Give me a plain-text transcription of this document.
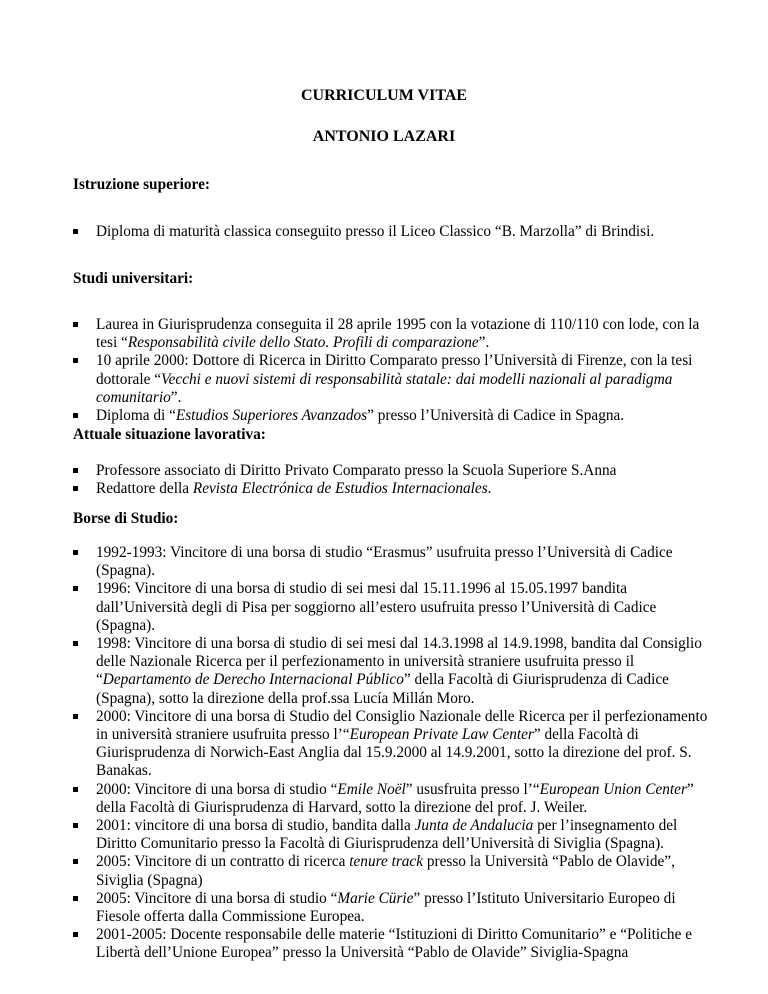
CURRICULUM VITAE
ANTONIO LAZARI
Istruzione superiore:
Diploma di maturità classica conseguito presso il Liceo Classico “B. Marzolla” di Brindisi.
Studi universitari:
Laurea in Giurisprudenza conseguita il 28 aprile 1995 con la votazione di 110/110 con lode, con la tesi “Responsabilità civile dello Stato. Profili di comparazione”.
10 aprile 2000: Dottore di Ricerca in Diritto Comparato presso l’Università di Firenze, con la tesi dottorale “Vecchi e nuovi sistemi di responsabilità statale: dai modelli nazionali al paradigma comunitario”.
Diploma di “Estudios Superiores Avanzados” presso l’Università di Cadice in Spagna.
Attuale situazione lavorativa:
Professore associato di Diritto Privato Comparato presso la Scuola Superiore S.Anna
Redattore della Revista Electrónica de Estudios Internacionales.
Borse di Studio:
1992-1993: Vincitore di una borsa di studio “Erasmus” usufruita presso l’Università di Cadice (Spagna).
1996: Vincitore di una borsa di studio di sei mesi dal 15.11.1996 al 15.05.1997 bandita dall’Università degli di Pisa per soggiorno all’estero usufruita presso l’Università di Cadice (Spagna).
1998: Vincitore di una borsa di studio di sei mesi dal 14.3.1998 al 14.9.1998, bandita dal Consiglio delle Nazionale Ricerca per il perfezionamento in università straniere usufruita presso il “Departamento de Derecho Internacional Público” della Facoltà di Giurisprudenza di Cadice (Spagna), sotto la direzione della prof.ssa Lucía Millán Moro.
2000: Vincitore di una borsa di Studio del Consiglio Nazionale delle Ricerca per il perfezionamento in università straniere usufruita presso l’“European Private Law Center” della Facoltà di Giurisprudenza di Norwich-East Anglia dal 15.9.2000 al 14.9.2001, sotto la direzione del prof. S. Banakas.
2000: Vincitore di una borsa di studio “Emile Noël” ususfruita presso l’“European Union Center” della Facoltà di Giurisprudenza di Harvard, sotto la direzione del prof. J. Weiler.
2001: vincitore di una borsa di studio, bandita dalla Junta de Andalucia per l’insegnamento del Diritto Comunitario presso la Facoltà di Giurisprudenza dell’Università di Siviglia (Spagna).
2005: Vincitore di un contratto di ricerca tenure track presso la Università “Pablo de Olavide”, Siviglia (Spagna)
2005: Vincitore di una borsa di studio “Marie Cürie” presso l’Istituto Universitario Europeo di Fiesole offerta dalla Commissione Europea.
2001-2005: Docente responsabile delle materie “Istituzioni di Diritto Comunitario” e “Politiche e Libertà dell’Unione Europea” presso la Università “Pablo de Olavide” Siviglia-Spagna
